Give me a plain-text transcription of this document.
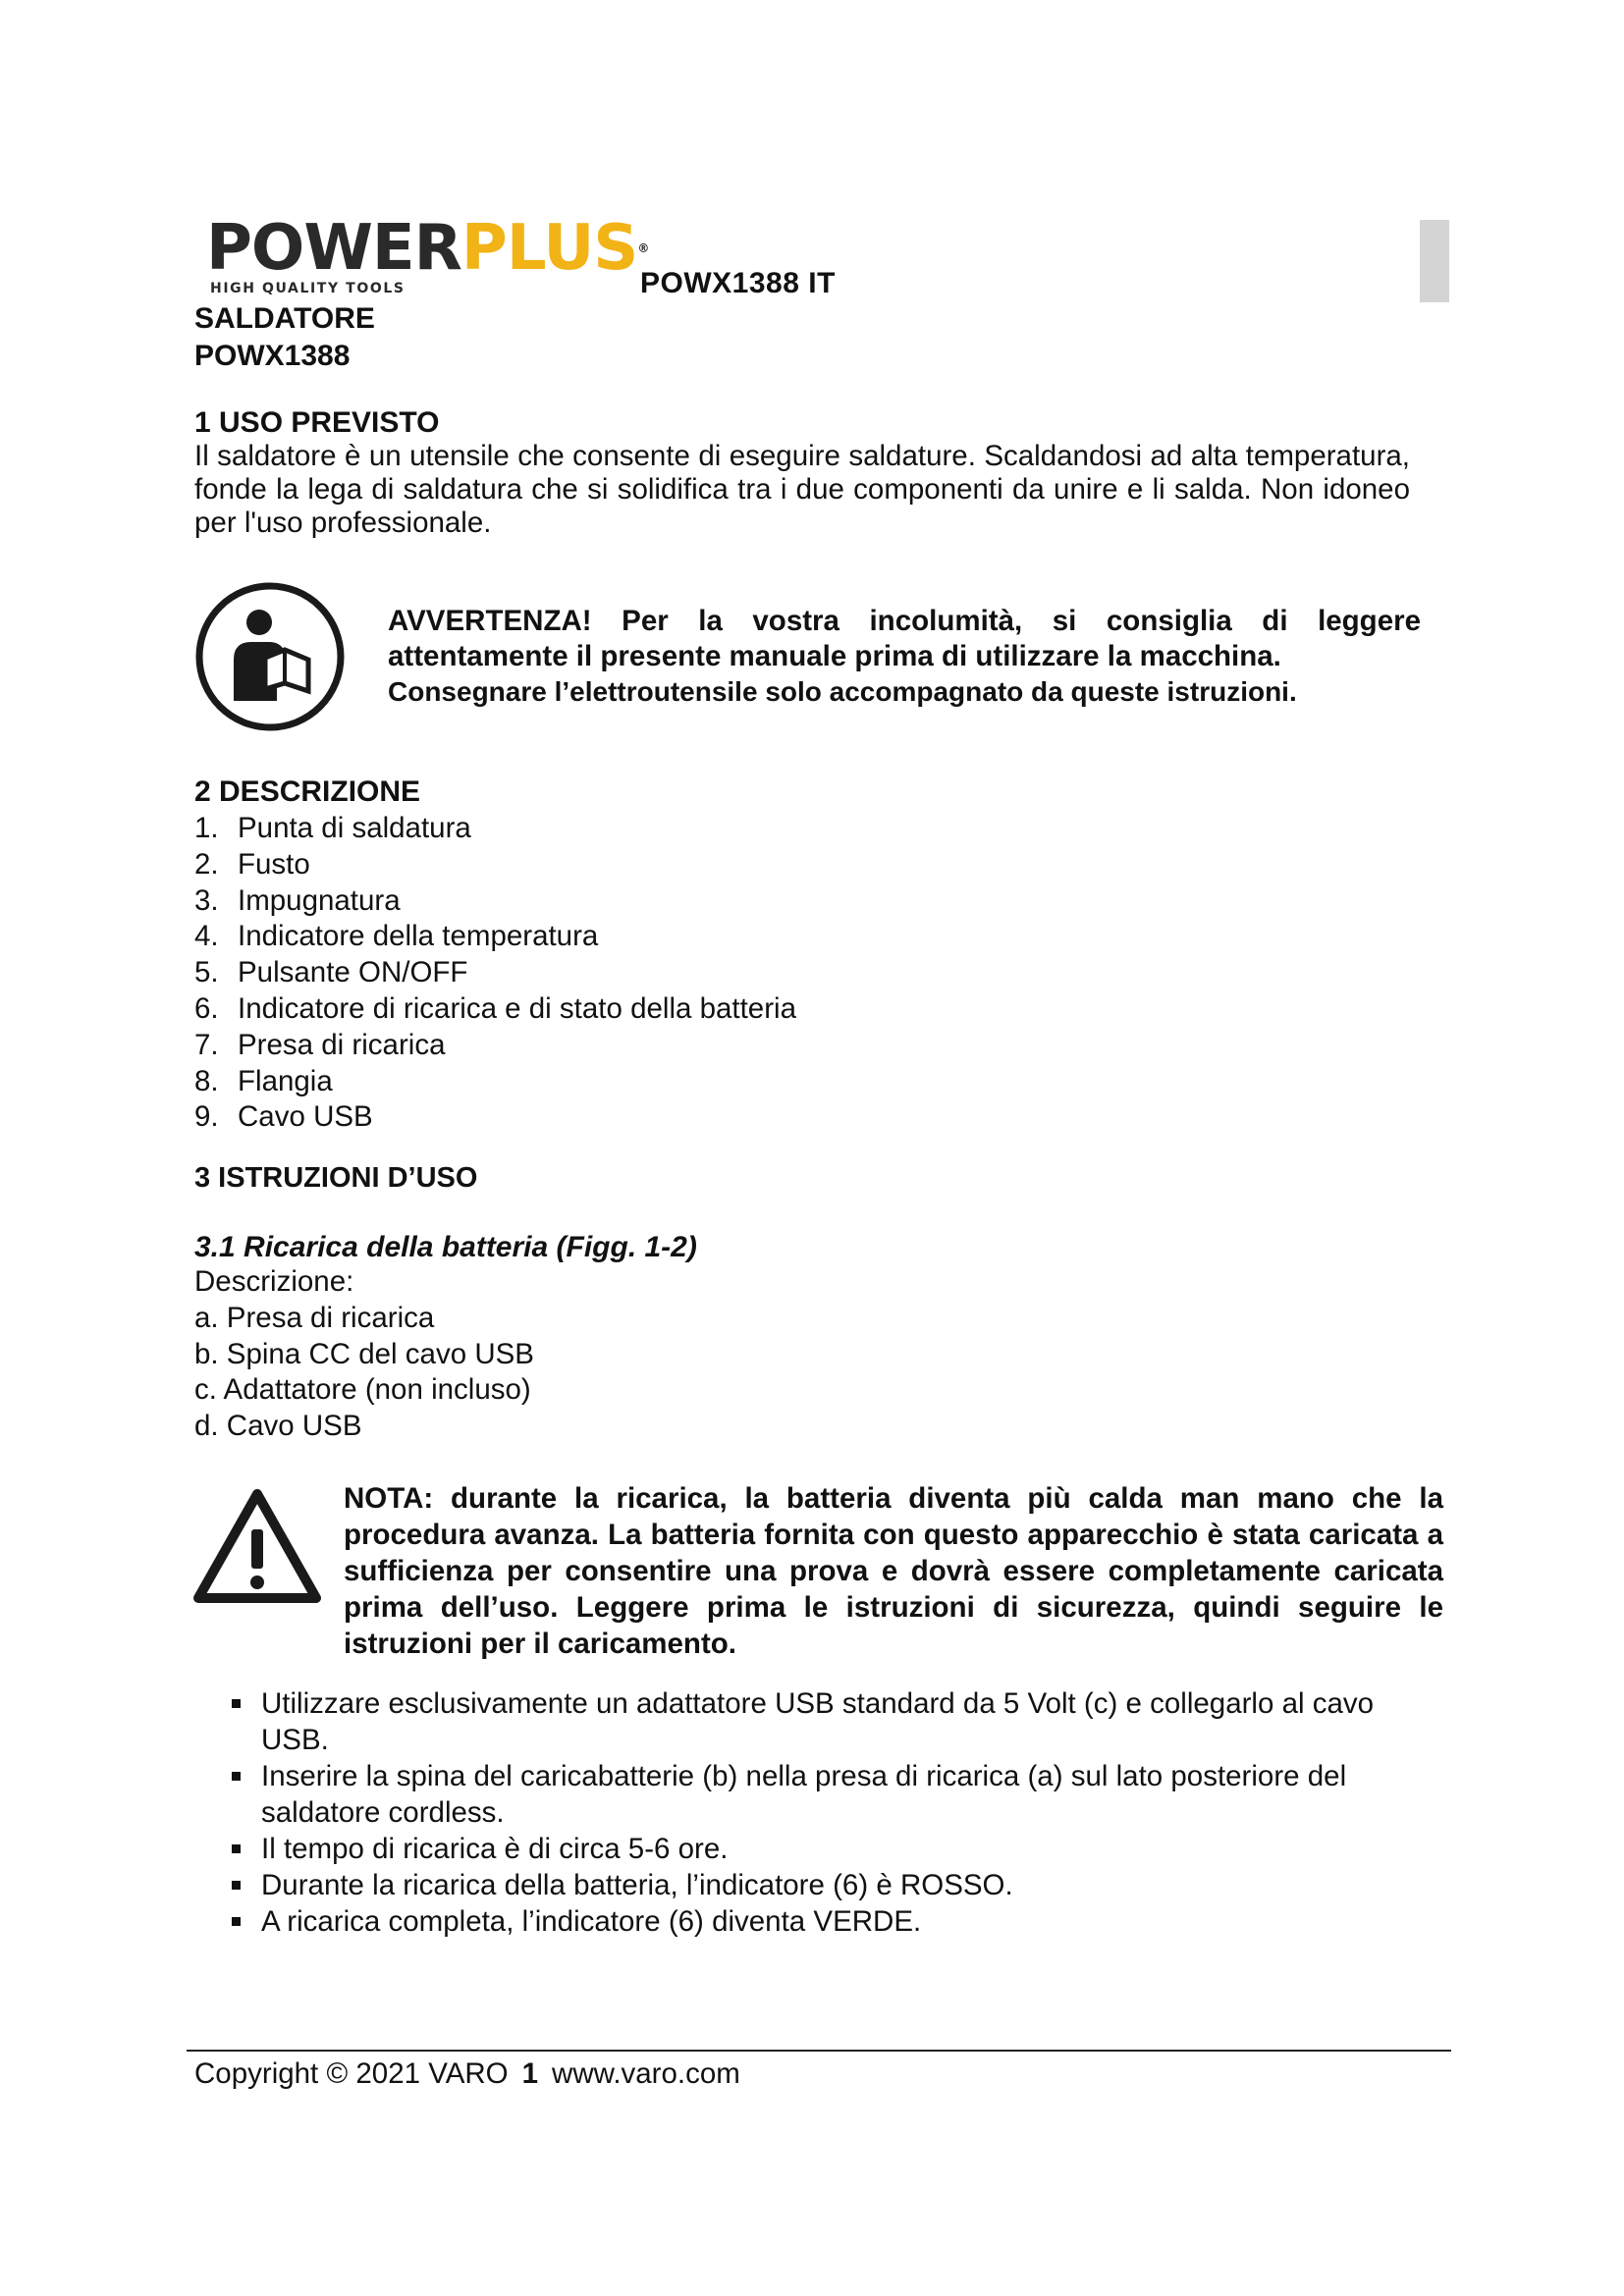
POWERPLUS®
HIGH QUALITY TOOLS	POWX1388 IT
SALDATORE
POWX1388
1 USO PREVISTO

Il saldatore è un utensile che consente di eseguire saldature. Scaldandosi ad alta temperatura, fonde la lega di saldatura che si solidifica tra i due componenti da unire e li salda. Non idoneo per l'uso professionale.

AVVERTENZA! Per la vostra incolumità, si consiglia di leggere attentamente il presente manuale prima di utilizzare la macchina.

Consegnare l’elettroutensile solo accompagnato da queste istruzioni.

2 DESCRIZIONE
1. Punta di saldatura
2. Fusto
3. Impugnatura
4. Indicatore della temperatura
5. Pulsante ON/OFF
6. Indicatore di ricarica e di stato della batteria
7. Presa di ricarica
8. Flangia
9. Cavo USB
3 ISTRUZIONI D’USO
3.1 Ricarica della batteria (Figg. 1-2)
Descrizione:
a. Presa di ricarica
b. Spina CC del cavo USB
c. Adattatore (non incluso)
d. Cavo USB

NOTA: durante la ricarica, la batteria diventa più calda man mano che la procedura avanza. La batteria fornita con questo apparecchio è stata caricata a sufficienza per consentire una prova e dovrà essere completamente caricata prima dell’uso. Leggere prima le istruzioni di sicurezza, quindi seguire le istruzioni per il caricamento.

Utilizzare esclusivamente un adattatore USB standard da 5 Volt (c) e collegarlo al cavo USB.
Inserire la spina del caricabatterie (b) nella presa di ricarica (a) sul lato posteriore del saldatore cordless.
Il tempo di ricarica è di circa 5-6 ore.
Durante la ricarica della batteria, l’indicatore (6) è ROSSO.
A ricarica completa, l’indicatore (6) diventa VERDE.
Copyright © 2021 VARO 1 www.varo.com
